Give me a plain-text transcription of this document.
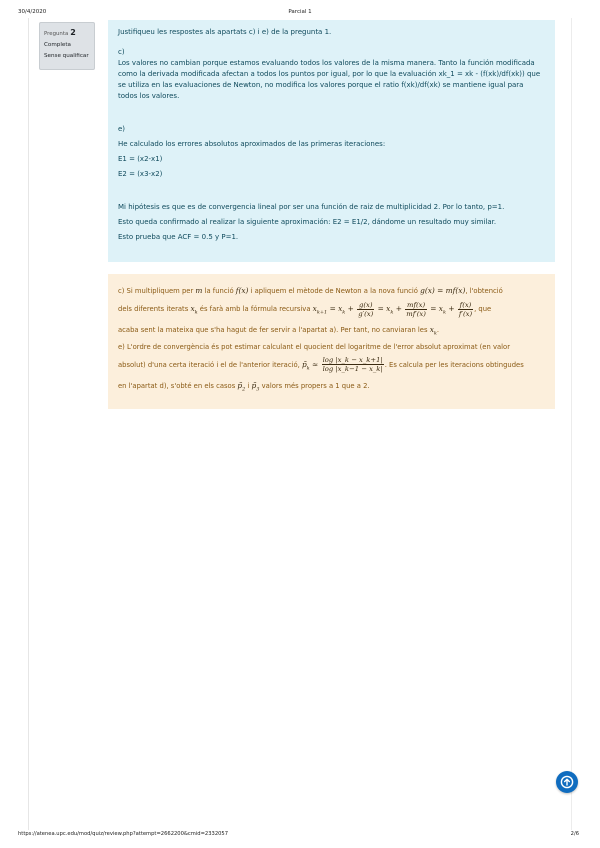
30/4/2020	Parcial 1
Pregunta 2
Completa
Sense qualificar

Justifiqueu les respostes als apartats c) i e) de la pregunta 1.

c)

Los valores no cambian porque estamos evaluando todos los valores de la misma manera. Tanto la función modificada como la derivada modificada afectan a todos los puntos por igual, por lo que la evaluación xk_1 = xk - (f(xk)/df(xk)) que se utiliza en las evaluaciones de Newton, no modifica los valores porque el ratio f(xk)/df(xk) se mantiene igual para todos los valores.

e)

He calculado los errores absolutos aproximados de las primeras iteraciones:

E1 = (x2-x1)

E2 = (x3-x2)

Mi hipótesis es que es de convergencia lineal por ser una función de raiz de multiplicidad 2. Por lo tanto, p=1.

Esto queda confirmado al realizar la siguiente aproximación: E2 = E1/2, dándome un resultado muy similar.

Esto prueba que ACF = 0.5 y P=1.

c) Si multipliquem per m la funció f(x) i apliquem el mètode de Newton a la nova funció g(x) = mf(x), l'obtenció

dels diferents iterats $x_k$ és farà amb la fórmula recursiva $x_{k+1} = x_k + \frac{g(x)}{g'(x)} = x_k + \frac{mf(x)}{mf'(x)} = x_k + \frac{f(x)}{f'(x)}$ , que

acaba sent la mateixa que s'ha hagut de fer servir a l'apartat a). Per tant, no canviaran les $x_k$.

e) L'ordre de convergència és pot estimar calculant el quocient del logaritme de l'error absolut aproximat (en valor

absolut) d'una certa iteració i el de l'anterior iteració, $p̃_k \approx \frac{\log |x\_k - x\_k+1|}{\log |x\_k-1 - x\_k|}$ . Es calcula per les iteracions obtingudes

en l'apartat d), s'obté en els casos $p̃_2$ i $p̃_3$ valors més propers a 1 que a 2.

https://atenea.upc.edu/mod/quiz/review.php?attempt=2662200&cmid=2332057	2/6
